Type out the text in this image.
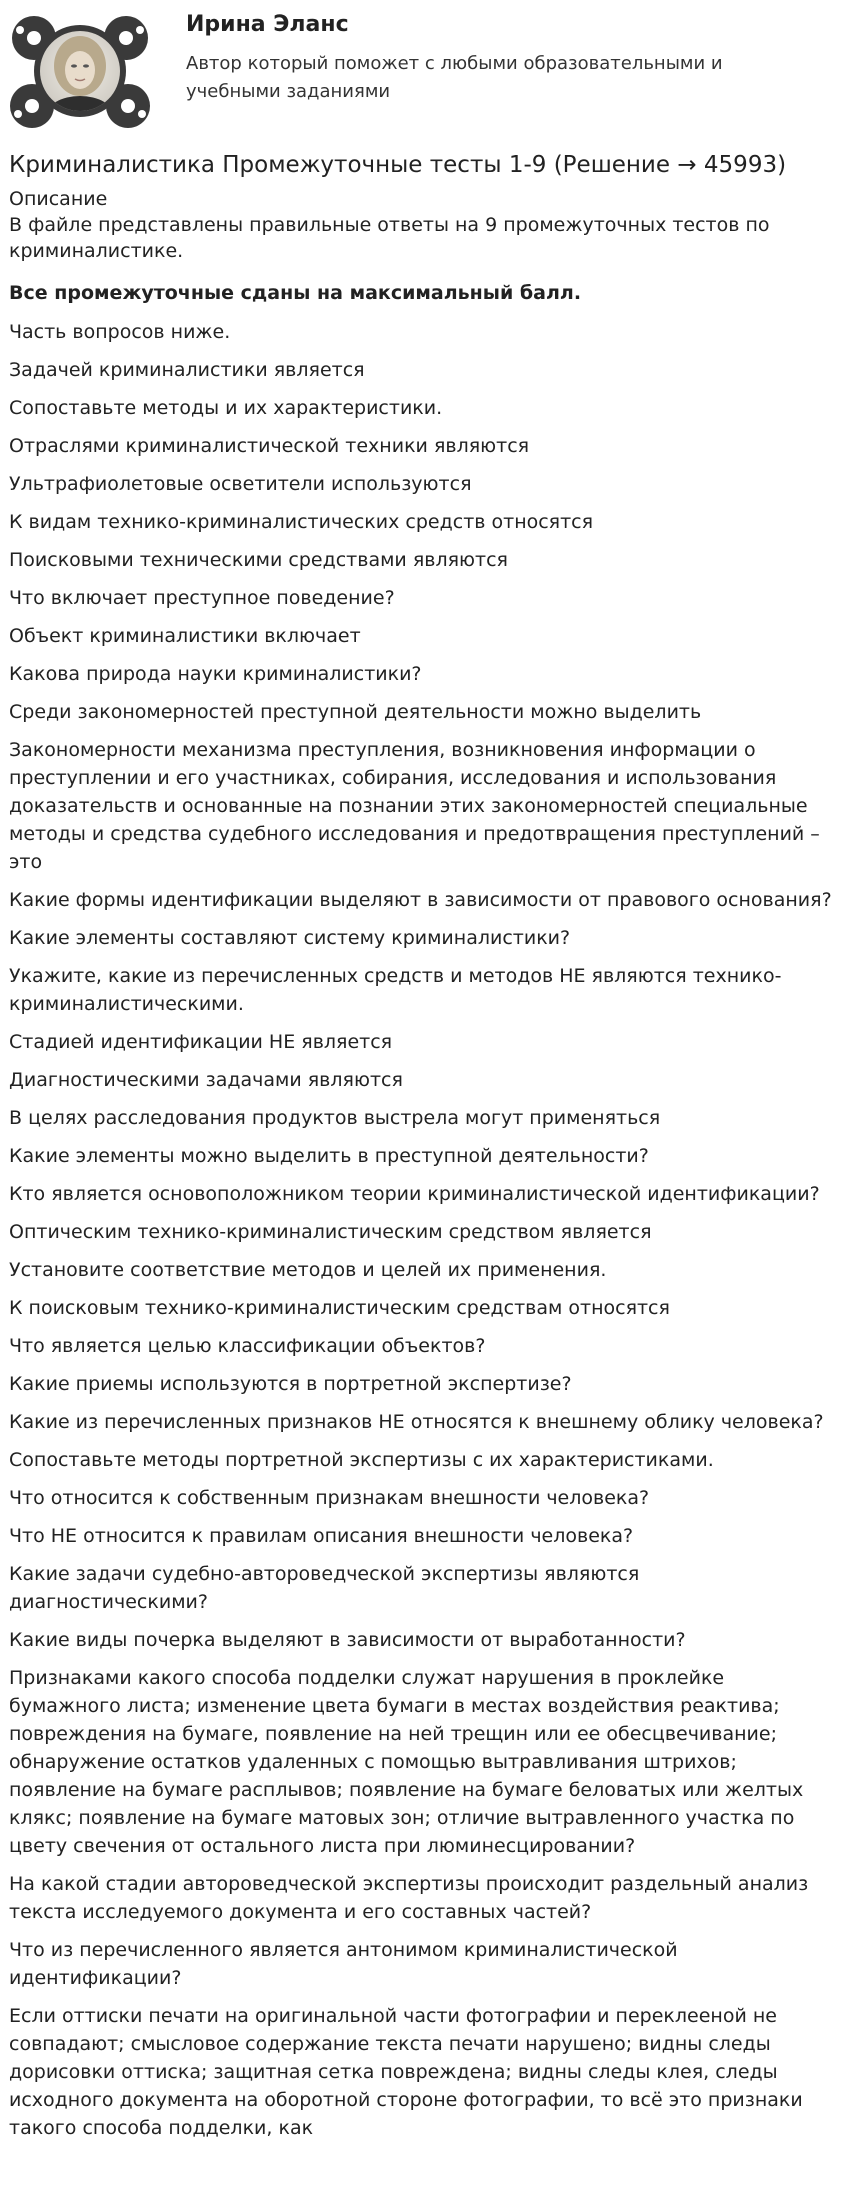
Ирина Эланс
Автор который поможет с любыми образовательными и учебными заданиями
Криминалистика Промежуточные тесты 1-9 (Решение → 45993)
Описание

В файле представлены правильные ответы на 9 промежуточных тестов по криминалистике.

Все промежуточные сданы на максимальный балл.

Часть вопросов ниже.
Задачей криминалистики является
Сопоставьте методы и их характеристики.
Отраслями криминалистической техники являются
Ультрафиолетовые осветители используются
К видам технико-криминалистических средств относятся
Поисковыми техническими средствами являются
Что включает преступное поведение?
Объект криминалистики включает
Какова природа науки криминалистики?
Среди закономерностей преступной деятельности можно выделить
Закономерности механизма преступления, возникновения информации о преступлении и его участниках, собирания, исследования и использования доказательств и основанные на познании этих закономерностей специальные методы и средства судебного исследования и предотвращения преступлений – это
Какие формы идентификации выделяют в зависимости от правового основания?
Какие элементы составляют систему криминалистики?
Укажите, какие из перечисленных средств и методов НЕ являются технико-криминалистическими.
Стадией идентификации НЕ является
Диагностическими задачами являются
В целях расследования продуктов выстрела могут применяться
Какие элементы можно выделить в преступной деятельности?
Кто является основоположником теории криминалистической идентификации?
Оптическим технико-криминалистическим средством является
Установите соответствие методов и целей их применения.
К поисковым технико-криминалистическим средствам относятся
Что является целью классификации объектов?
Какие приемы используются в портретной экспертизе?
Какие из перечисленных признаков НЕ относятся к внешнему облику человека?
Сопоставьте методы портретной экспертизы с их характеристиками.
Что относится к собственным признакам внешности человека?
Что НЕ относится к правилам описания внешности человека?
Какие задачи судебно-автороведческой экспертизы являются диагностическими?
Какие виды почерка выделяют в зависимости от выработанности?
Признаками какого способа подделки служат нарушения в проклейке бумажного листа; изменение цвета бумаги в местах воздействия реактива; повреждения на бумаге, появление на ней трещин или ее обесцвечивание; обнаружение остатков удаленных с помощью вытравливания штрихов; появление на бумаге расплывов; появление на бумаге беловатых или желтых клякс; появление на бумаге матовых зон; отличие вытравленного участка по цвету свечения от остального листа при люминесцировании?
На какой стадии автороведческой экспертизы происходит раздельный анализ текста исследуемого документа и его составных частей?
Что из перечисленного является антонимом криминалистической идентификации?
Если оттиски печати на оригинальной части фотографии и переклееной не совпадают; смысловое содержание текста печати нарушено; видны следы дорисовки оттиска; защитная сетка повреждена; видны следы клея, следы исходного документа на оборотной стороне фотографии, то всё это признаки такого способа подделки, как
